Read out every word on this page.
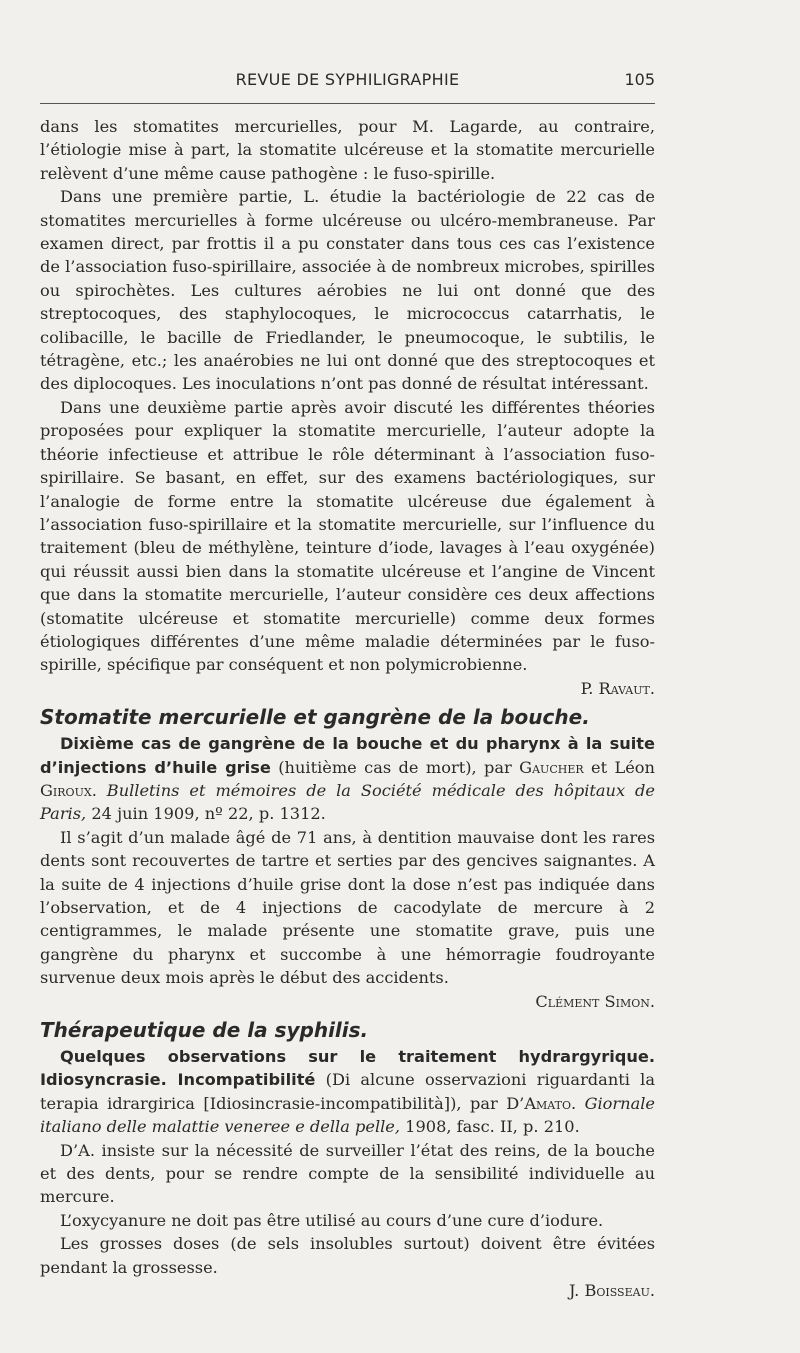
REVUE DE SYPHILIGRAPHIE	105

dans les stomatites mercurielles, pour M. Lagarde, au contraire, l’étiologie mise à part, la stomatite ulcéreuse et la stomatite mercurielle relèvent d’une même cause pathogène : le fuso-spirille.

Dans une première partie, L. étudie la bactériologie de 22 cas de stomatites mercurielles à forme ulcéreuse ou ulcéro-membraneuse. Par examen direct, par frottis il a pu constater dans tous ces cas l’existence de l’association fuso-spirillaire, associée à de nombreux microbes, spirilles ou spirochètes. Les cultures aérobies ne lui ont donné que des streptocoques, des staphylocoques, le micrococcus catarrhatis, le colibacille, le bacille de Friedlander, le pneumocoque, le subtilis, le tétragène, etc.; les anaérobies ne lui ont donné que des streptocoques et des diplocoques. Les inoculations n’ont pas donné de résultat intéressant.

Dans une deuxième partie après avoir discuté les différentes théories proposées pour expliquer la stomatite mercurielle, l’auteur adopte la théorie infectieuse et attribue le rôle déterminant à l’association fuso-spirillaire. Se basant, en effet, sur des examens bactériologiques, sur l’analogie de forme entre la stomatite ulcéreuse due également à l’association fuso-spirillaire et la stomatite mercurielle, sur l’influence du traitement (bleu de méthylène, teinture d’iode, lavages à l’eau oxygénée) qui réussit aussi bien dans la stomatite ulcéreuse et l’angine de Vincent que dans la stomatite mercurielle, l’auteur considère ces deux affections (stomatite ulcéreuse et stomatite mercurielle) comme deux formes étiologiques différentes d’une même maladie déterminées par le fuso-spirille, spécifique par conséquent et non polymicrobienne.
P. Ravaut.

Stomatite mercurielle et gangrène de la bouche.

Dixième cas de gangrène de la bouche et du pharynx à la suite d’injections d’huile grise (huitième cas de mort), par Gaucher et Léon Giroux. Bulletins et mémoires de la Société médicale des hôpitaux de Paris, 24 juin 1909, nº 22, p. 1312.

Il s’agit d’un malade âgé de 71 ans, à dentition mauvaise dont les rares dents sont recouvertes de tartre et serties par des gencives saignantes. A la suite de 4 injections d’huile grise dont la dose n’est pas indiquée dans l’observation, et de 4 injections de cacodylate de mercure à 2 centigrammes, le malade présente une stomatite grave, puis une gangrène du pharynx et succombe à une hémorragie foudroyante survenue deux mois après le début des accidents.
Clément Simon.

Thérapeutique de la syphilis.

Quelques observations sur le traitement hydrargyrique. Idiosyncrasie. Incompatibilité (Di alcune osservazioni riguardanti la terapia idrargirica [Idiosincrasie-incompatibilità]), par D’Amato. Giornale italiano delle malattie veneree e della pelle, 1908, fasc. II, p. 210.

D’A. insiste sur la nécessité de surveiller l’état des reins, de la bouche et des dents, pour se rendre compte de la sensibilité individuelle au mercure.

L’oxycyanure ne doit pas être utilisé au cours d’une cure d’iodure.

Les grosses doses (de sels insolubles surtout) doivent être évitées pendant la grossesse.
J. Boisseau.
